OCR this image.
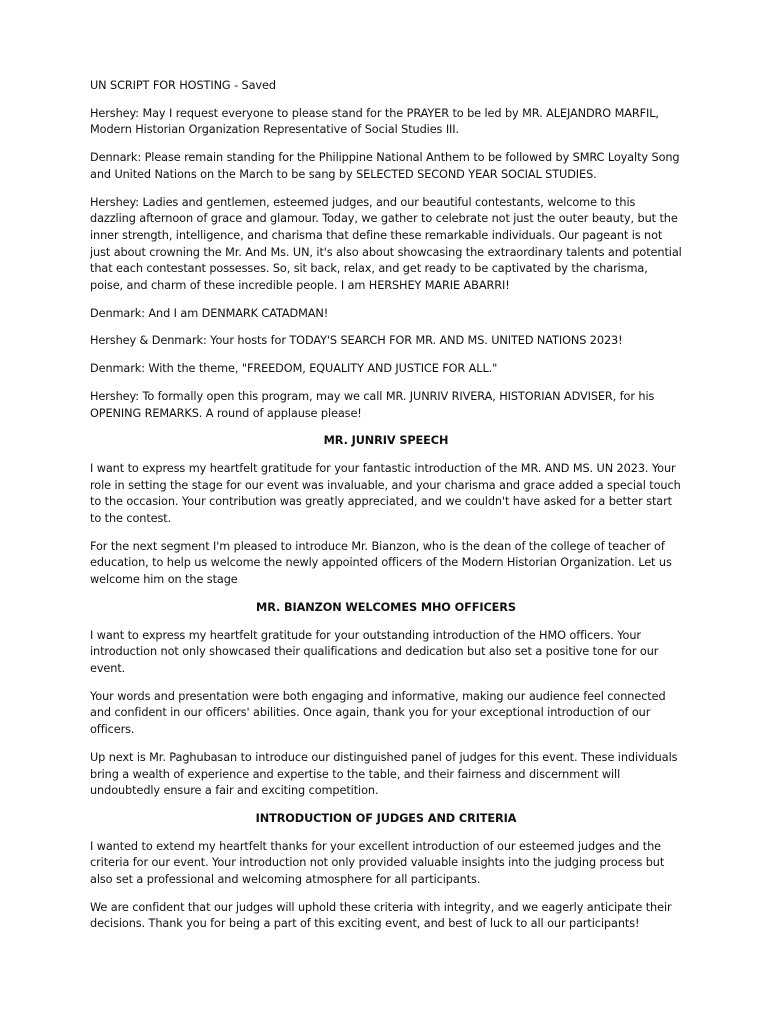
UN SCRIPT FOR HOSTING - Saved
Hershey: May I request everyone to please stand for the PRAYER to be led by MR. ALEJANDRO MARFIL, Modern Historian Organization Representative of Social Studies III.
Dennark: Please remain standing for the Philippine National Anthem to be followed by SMRC Loyalty Song and United Nations on the March to be sang by SELECTED SECOND YEAR SOCIAL STUDIES.
Hershey: Ladies and gentlemen, esteemed judges, and our beautiful contestants, welcome to this dazzling afternoon of grace and glamour. Today, we gather to celebrate not just the outer beauty, but the inner strength, intelligence, and charisma that define these remarkable individuals. Our pageant is not just about crowning the Mr. And Ms. UN, it's also about showcasing the extraordinary talents and potential that each contestant possesses. So, sit back, relax, and get ready to be captivated by the charisma, poise, and charm of these incredible people. I am HERSHEY MARIE ABARRI!
Denmark: And I am DENMARK CATADMAN!
Hershey & Denmark: Your hosts for TODAY'S SEARCH FOR MR. AND MS. UNITED NATIONS 2023!
Denmark: With the theme, "FREEDOM, EQUALITY AND JUSTICE FOR ALL."
Hershey: To formally open this program, may we call MR. JUNRIV RIVERA, HISTORIAN ADVISER, for his OPENING REMARKS. A round of applause please!
MR. JUNRIV SPEECH
I want to express my heartfelt gratitude for your fantastic introduction of the MR. AND MS. UN 2023. Your role in setting the stage for our event was invaluable, and your charisma and grace added a special touch to the occasion. Your contribution was greatly appreciated, and we couldn't have asked for a better start to the contest.
For the next segment I'm pleased to introduce Mr. Bianzon, who is the dean of the college of teacher of education, to help us welcome the newly appointed officers of the Modern Historian Organization. Let us welcome him on the stage
MR. BIANZON WELCOMES MHO OFFICERS
I want to express my heartfelt gratitude for your outstanding introduction of the HMO officers. Your introduction not only showcased their qualifications and dedication but also set a positive tone for our event.
Your words and presentation were both engaging and informative, making our audience feel connected and confident in our officers' abilities. Once again, thank you for your exceptional introduction of our officers.
Up next is Mr. Paghubasan to introduce our distinguished panel of judges for this event. These individuals bring a wealth of experience and expertise to the table, and their fairness and discernment will undoubtedly ensure a fair and exciting competition.
INTRODUCTION OF JUDGES AND CRITERIA
I wanted to extend my heartfelt thanks for your excellent introduction of our esteemed judges and the criteria for our event. Your introduction not only provided valuable insights into the judging process but also set a professional and welcoming atmosphere for all participants.
We are confident that our judges will uphold these criteria with integrity, and we eagerly anticipate their decisions. Thank you for being a part of this exciting event, and best of luck to all our participants!
